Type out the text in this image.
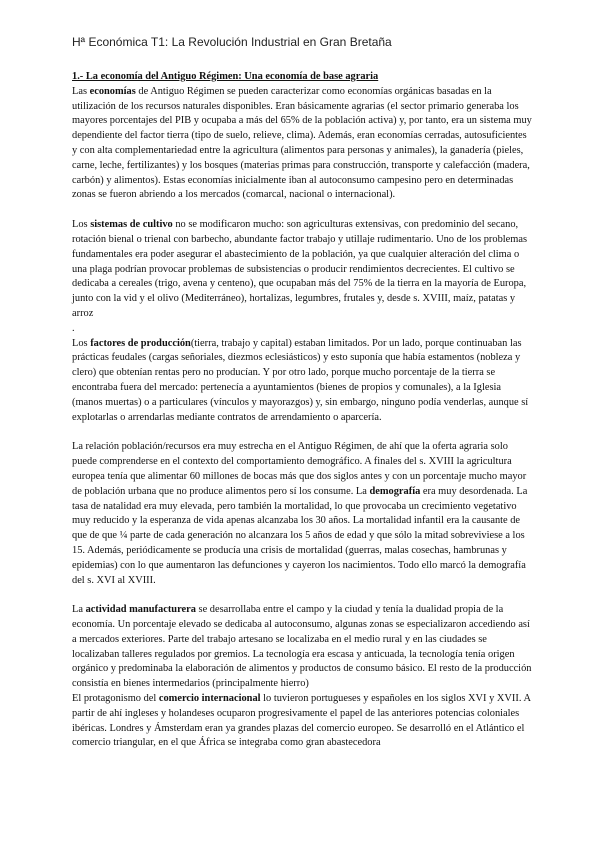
Hª Económica T1: La Revolución Industrial en Gran Bretaña

1.- La economía del Antiguo Régimen: Una economía de base agraria

Las economías de Antiguo Régimen se pueden caracterizar como economías orgánicas basadas en la utilización de los recursos naturales disponibles. Eran básicamente agrarias (el sector primario generaba los mayores porcentajes del PIB y ocupaba a más del 65% de la población activa) y, por tanto, era un sistema muy dependiente del factor tierra (tipo de suelo, relieve, clima). Además, eran economías cerradas, autosuficientes y con alta complementariedad entre la agricultura (alimentos para personas y animales), la ganadería (pieles, carne, leche, fertilizantes) y los bosques (materias primas para construcción, transporte y calefacción (madera, carbón) y alimentos). Estas economías inicialmente iban al autoconsumo campesino pero en determinadas zonas se fueron abriendo a los mercados (comarcal, nacional o internacional).

Los sistemas de cultivo no se modificaron mucho: son agriculturas extensivas, con predominio del secano, rotación bienal o trienal con barbecho, abundante factor trabajo y utillaje rudimentario. Uno de los problemas fundamentales era poder asegurar el abastecimiento de la población, ya que cualquier alteración del clima o una plaga podrían provocar problemas de subsistencias o producir rendimientos decrecientes. El cultivo se dedicaba a cereales (trigo, avena y centeno), que ocupaban más del 75% de la tierra en la mayoría de Europa, junto con la vid y el olivo (Mediterráneo), hortalizas, legumbres, frutales y, desde s. XVIII, maíz, patatas y arroz

.

Los factores de producción(tierra, trabajo y capital) estaban limitados. Por un lado, porque continuaban las prácticas feudales (cargas señoriales, diezmos eclesiásticos) y esto suponía que había estamentos (nobleza y clero) que obtenían rentas pero no producían. Y por otro lado, porque mucho porcentaje de la tierra se encontraba fuera del mercado: pertenecía a ayuntamientos (bienes de propios y comunales), a la Iglesia (manos muertas) o a particulares (vínculos y mayorazgos) y, sin embargo, ninguno podía venderlas, aunque sí explotarlas o arrendarlas mediante contratos de arrendamiento o aparcería.

La relación población/recursos era muy estrecha en el Antiguo Régimen, de ahí que la oferta agraria solo puede comprenderse en el contexto del comportamiento demográfico. A finales del s. XVIII la agricultura europea tenía que alimentar 60 millones de bocas más que dos siglos antes y con un porcentaje mucho mayor de población urbana que no produce alimentos pero sí los consume. La demografía era muy desordenada. La tasa de natalidad era muy elevada, pero también la mortalidad, lo que provocaba un crecimiento vegetativo muy reducido y la esperanza de vida apenas alcanzaba los 30 años. La mortalidad infantil era la causante de que de que ¼ parte de cada generación no alcanzara los 5 años de edad y que sólo la mitad sobreviviese a los 15. Además, periódicamente se producía una crisis de mortalidad (guerras, malas cosechas, hambrunas y epidemias) con lo que aumentaron las defunciones y cayeron los nacimientos. Todo ello marcó la demografía del s. XVI al XVIII.

La actividad manufacturera se desarrollaba entre el campo y la ciudad y tenía la dualidad propia de la economía. Un porcentaje elevado se dedicaba al autoconsumo, algunas zonas se especializaron accediendo así a mercados exteriores. Parte del trabajo artesano se localizaba en el medio rural y en las ciudades se localizaban talleres regulados por gremios. La tecnología era escasa y anticuada, la tecnología tenía origen orgánico y predominaba la elaboración de alimentos y productos de consumo básico. El resto de la producción consistía en bienes intermedarios (principalmente hierro)

El protagonismo del comercio internacional lo tuvieron portugueses y españoles en los siglos XVI y XVII. A partir de ahí ingleses y holandeses ocuparon progresivamente el papel de las anteriores potencias coloniales ibéricas. Londres y Ámsterdam eran ya grandes plazas del comercio europeo. Se desarrolló en el Atlántico el comercio triangular, en el que África se integraba como gran abastecedora
